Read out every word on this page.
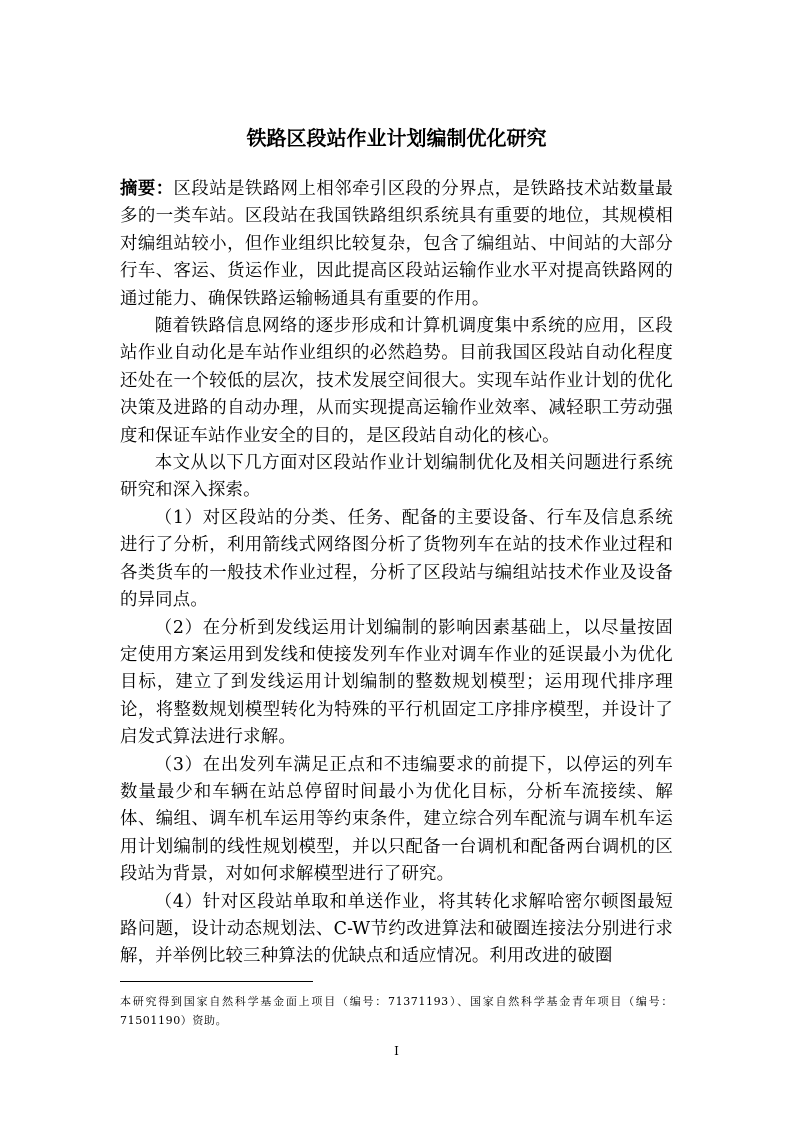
铁路区段站作业计划编制优化研究

摘要：区段站是铁路网上相邻牵引区段的分界点，是铁路技术站数量最多的一类车站。区段站在我国铁路组织系统具有重要的地位，其规模相对编组站较小，但作业组织比较复杂，包含了编组站、中间站的大部分行车、客运、货运作业，因此提高区段站运输作业水平对提高铁路网的通过能力、确保铁路运输畅通具有重要的作用。

随着铁路信息网络的逐步形成和计算机调度集中系统的应用，区段站作业自动化是车站作业组织的必然趋势。目前我国区段站自动化程度还处在一个较低的层次，技术发展空间很大。实现车站作业计划的优化决策及进路的自动办理，从而实现提高运输作业效率、减轻职工劳动强度和保证车站作业安全的目的，是区段站自动化的核心。

本文从以下几方面对区段站作业计划编制优化及相关问题进行系统研究和深入探索。

（1）对区段站的分类、任务、配备的主要设备、行车及信息系统进行了分析，利用箭线式网络图分析了货物列车在站的技术作业过程和各类货车的一般技术作业过程，分析了区段站与编组站技术作业及设备的异同点。

（2）在分析到发线运用计划编制的影响因素基础上，以尽量按固定使用方案运用到发线和使接发列车作业对调车作业的延误最小为优化目标，建立了到发线运用计划编制的整数规划模型；运用现代排序理论，将整数规划模型转化为特殊的平行机固定工序排序模型，并设计了启发式算法进行求解。

（3）在出发列车满足正点和不违编要求的前提下，以停运的列车数量最少和车辆在站总停留时间最小为优化目标，分析车流接续、解体、编组、调车机车运用等约束条件，建立综合列车配流与调车机车运用计划编制的线性规划模型，并以只配备一台调机和配备两台调机的区段站为背景，对如何求解模型进行了研究。

（4）针对区段站单取和单送作业，将其转化求解哈密尔顿图最短路问题，设计动态规划法、C-W节约改进算法和破圈连接法分别进行求解，并举例比较三种算法的优缺点和适应情况。利用改进的破圈

本研究得到国家自然科学基金面上项目（编号：71371193）、国家自然科学基金青年项目（编号：71501190）资助。

I
